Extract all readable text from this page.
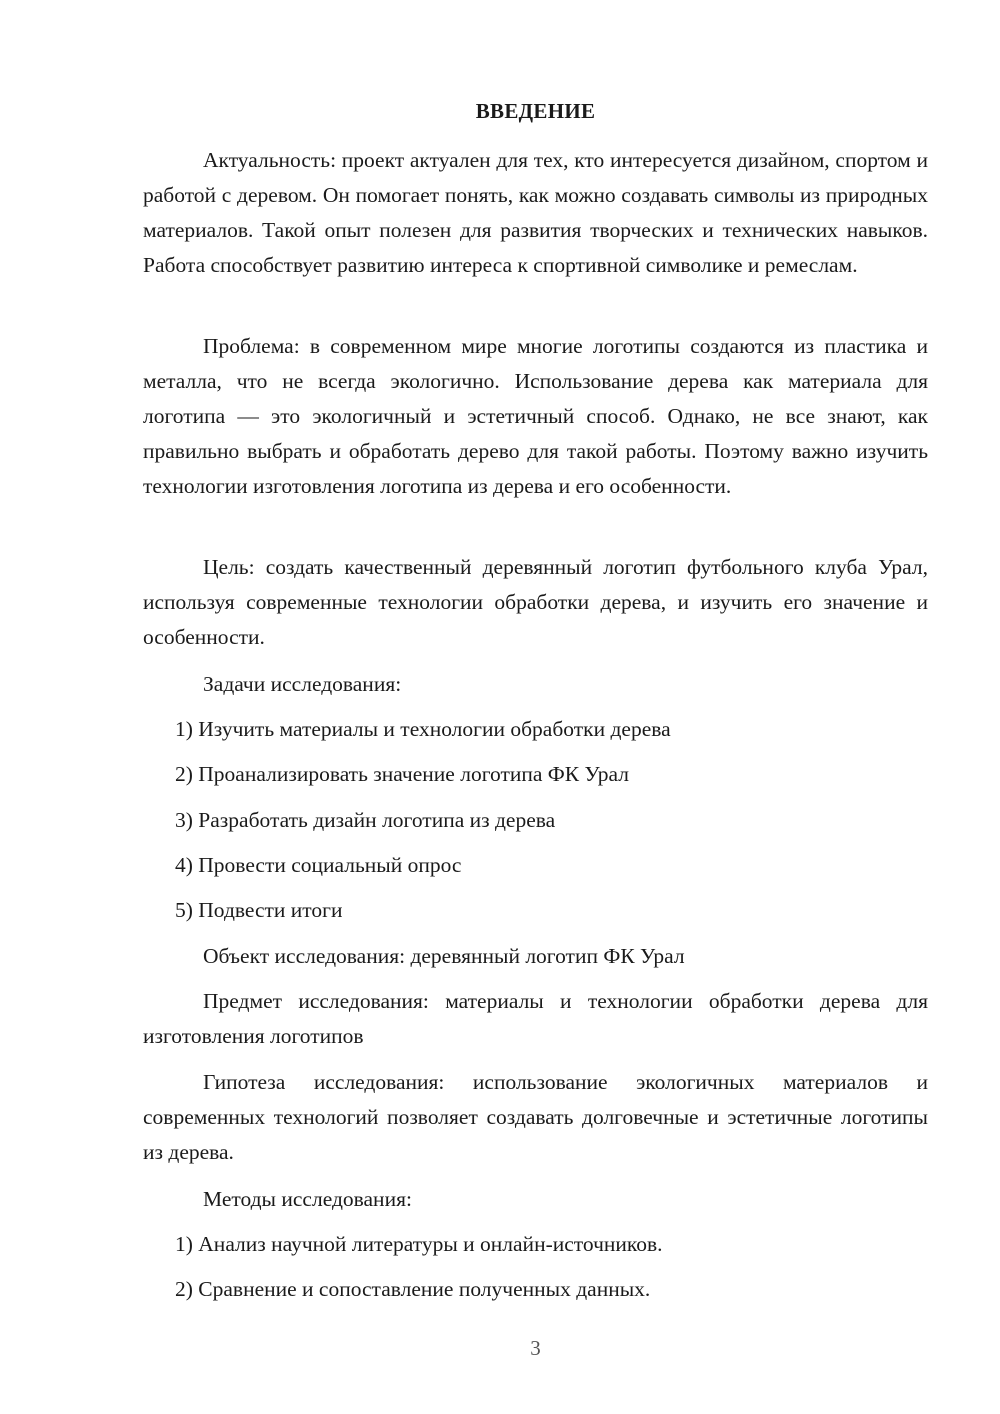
ВВЕДЕНИЕ

Актуальность: проект актуален для тех, кто интересуется дизайном, спортом и работой с деревом. Он помогает понять, как можно создавать символы из природных материалов. Такой опыт полезен для развития творческих и технических навыков. Работа способствует развитию интереса к спортивной символике и ремеслам.

Проблема: в современном мире многие логотипы создаются из пластика и металла, что не всегда экологично. Использование дерева как материала для логотипа — это экологичный и эстетичный способ. Однако, не все знают, как правильно выбрать и обработать дерево для такой работы. Поэтому важно изучить технологии изготовления логотипа из дерева и его особенности.

Цель: создать качественный деревянный логотип футбольного клуба Урал, используя современные технологии обработки дерева, и изучить его значение и особенности.

Задачи исследования:

1) Изучить материалы и технологии обработки дерева

2) Проанализировать значение логотипа ФК Урал

3) Разработать дизайн логотипа из дерева

4) Провести социальный опрос

5) Подвести итоги

Объект исследования: деревянный логотип ФК Урал

Предмет исследования: материалы и технологии обработки дерева для изготовления логотипов

Гипотеза исследования: использование экологичных материалов и современных технологий позволяет создавать долговечные и эстетичные логотипы из дерева.

Методы исследования:

1) Анализ научной литературы и онлайн-источников.

2) Сравнение и сопоставление полученных данных.

3
